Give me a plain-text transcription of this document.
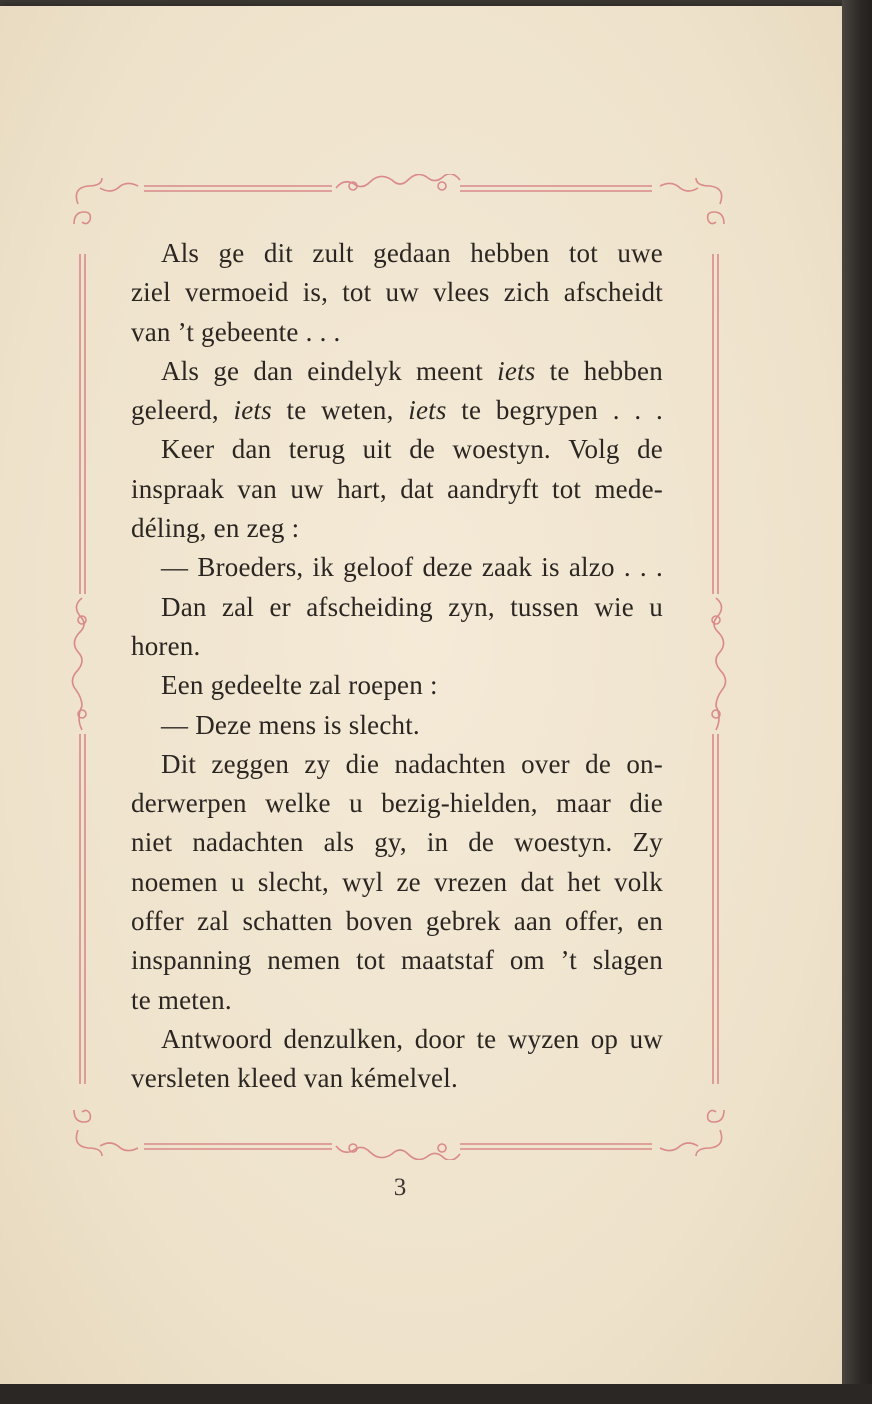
Als ge dit zult gedaan hebben tot uwe
ziel vermoeid is, tot uw vlees zich afscheidt
van ’t gebeente . . .
Als ge dan eindelyk meent iets te hebben
geleerd, iets te weten, iets te begrypen . . .
Keer dan terug uit de woestyn. Volg de
inspraak van uw hart, dat aandryft tot mede-
déling, en zeg :
— Broeders, ik geloof deze zaak is alzo . . .
Dan zal er afscheiding zyn, tussen wie u
horen.
Een gedeelte zal roepen :
— Deze mens is slecht.
Dit zeggen zy die nadachten over de on-
derwerpen welke u bezig-hielden, maar die
niet nadachten als gy, in de woestyn. Zy
noemen u slecht, wyl ze vrezen dat het volk
offer zal schatten boven gebrek aan offer, en
inspanning nemen tot maatstaf om ’t slagen
te meten.
Antwoord denzulken, door te wyzen op uw
versleten kleed van kémelvel.
3
